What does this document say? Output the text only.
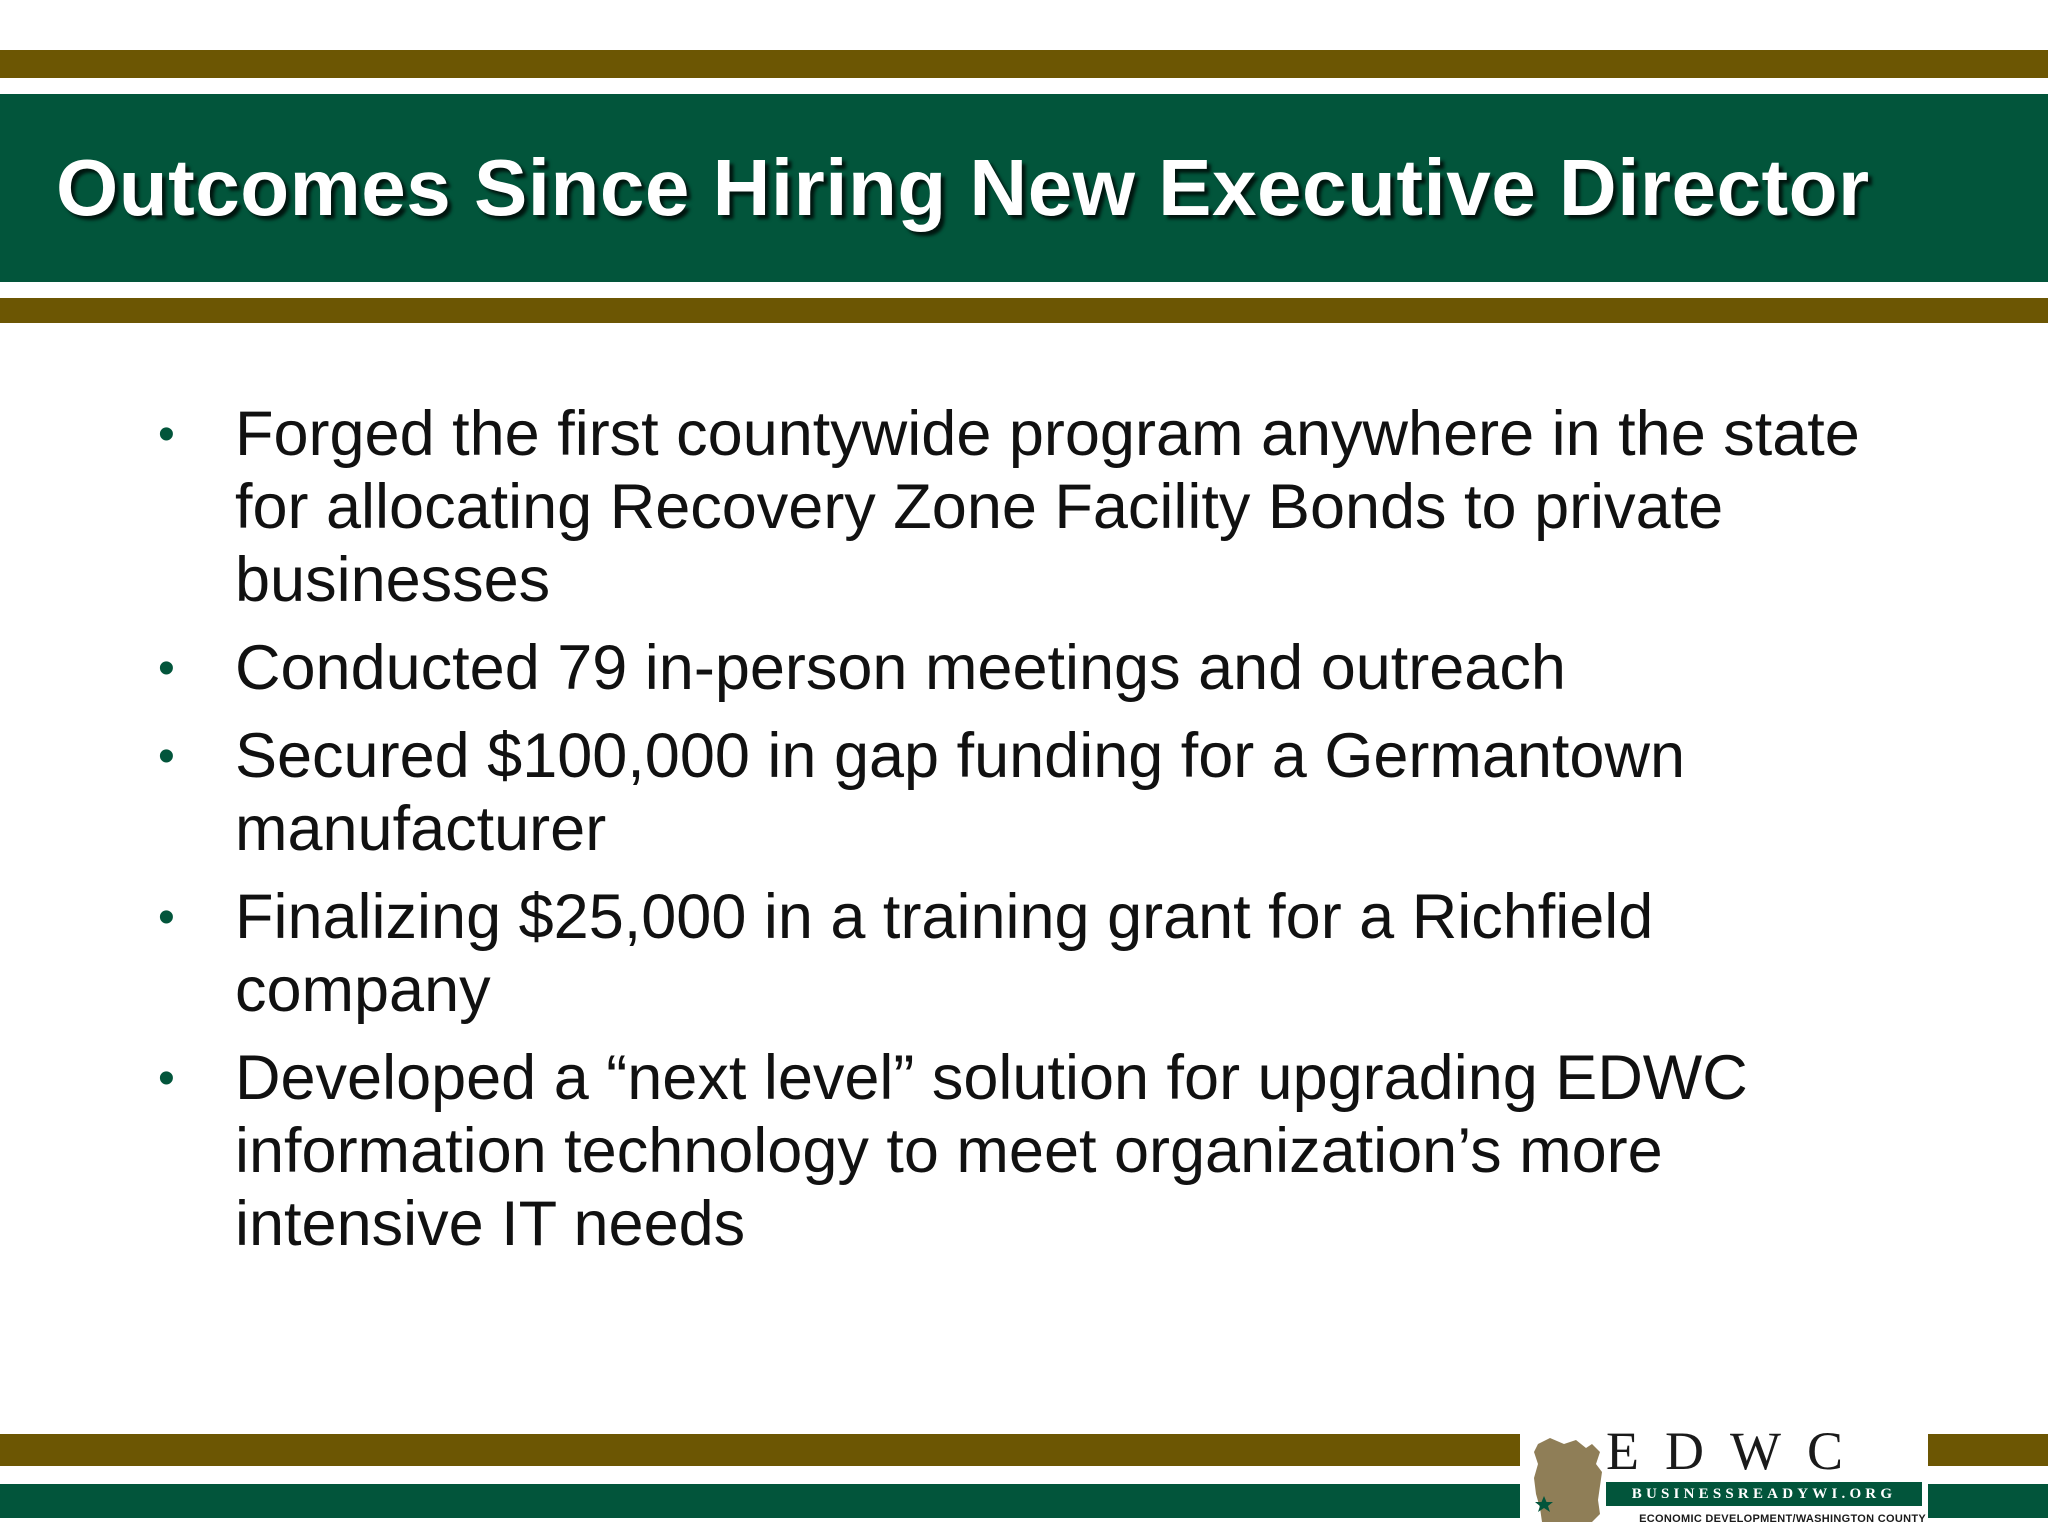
Outcomes Since Hiring New Executive Director
• Forged the first countywide program anywhere in the state for allocating Recovery Zone Facility Bonds to private businesses
• Conducted 79 in-person meetings and outreach
• Secured $100,000 in gap funding for a Germantown manufacturer
• Finalizing $25,000 in a training grant for a Richfield company
• Developed a “next level” solution for upgrading EDWC information technology to meet organization’s more intensive IT needs
EDWC
BUSINESSREADYWI.ORG
ECONOMIC DEVELOPMENT/WASHINGTON COUNTY
